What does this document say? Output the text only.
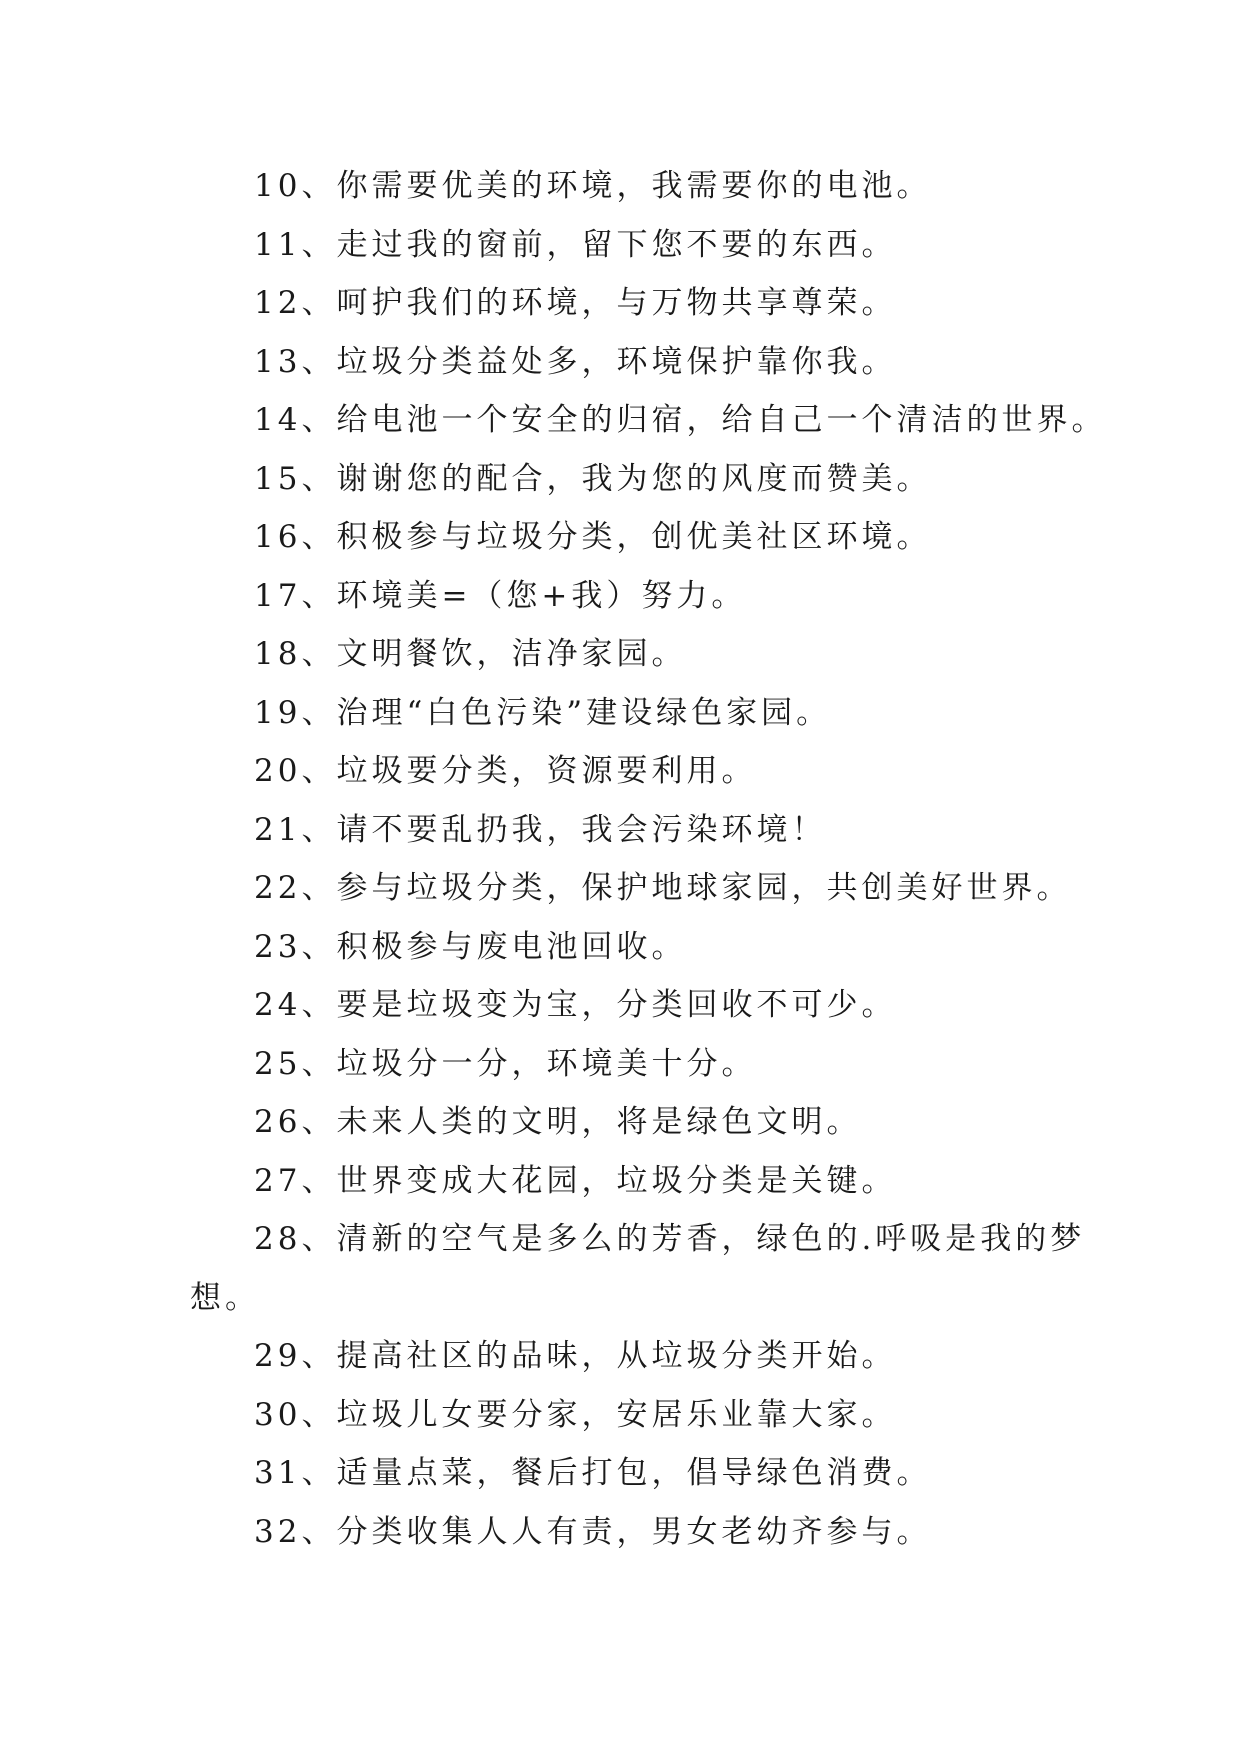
10、你需要优美的环境，我需要你的电池。
11、走过我的窗前，留下您不要的东西。
12、呵护我们的环境，与万物共享尊荣。
13、垃圾分类益处多，环境保护靠你我。
14、给电池一个安全的归宿，给自己一个清洁的世界。
15、谢谢您的配合，我为您的风度而赞美。
16、积极参与垃圾分类，创优美社区环境。
17、环境美=（您+我）努力。
18、文明餐饮，洁净家园。
19、治理“白色污染”建设绿色家园。
20、垃圾要分类，资源要利用。
21、请不要乱扔我，我会污染环境！
22、参与垃圾分类，保护地球家园，共创美好世界。
23、积极参与废电池回收。
24、要是垃圾变为宝，分类回收不可少。
25、垃圾分一分，环境美十分。
26、未来人类的文明，将是绿色文明。
27、世界变成大花园，垃圾分类是关键。
28、清新的空气是多么的芳香，绿色的.呼吸是我的梦
想。
29、提高社区的品味，从垃圾分类开始。
30、垃圾儿女要分家，安居乐业靠大家。
31、适量点菜，餐后打包，倡导绿色消费。
32、分类收集人人有责，男女老幼齐参与。
